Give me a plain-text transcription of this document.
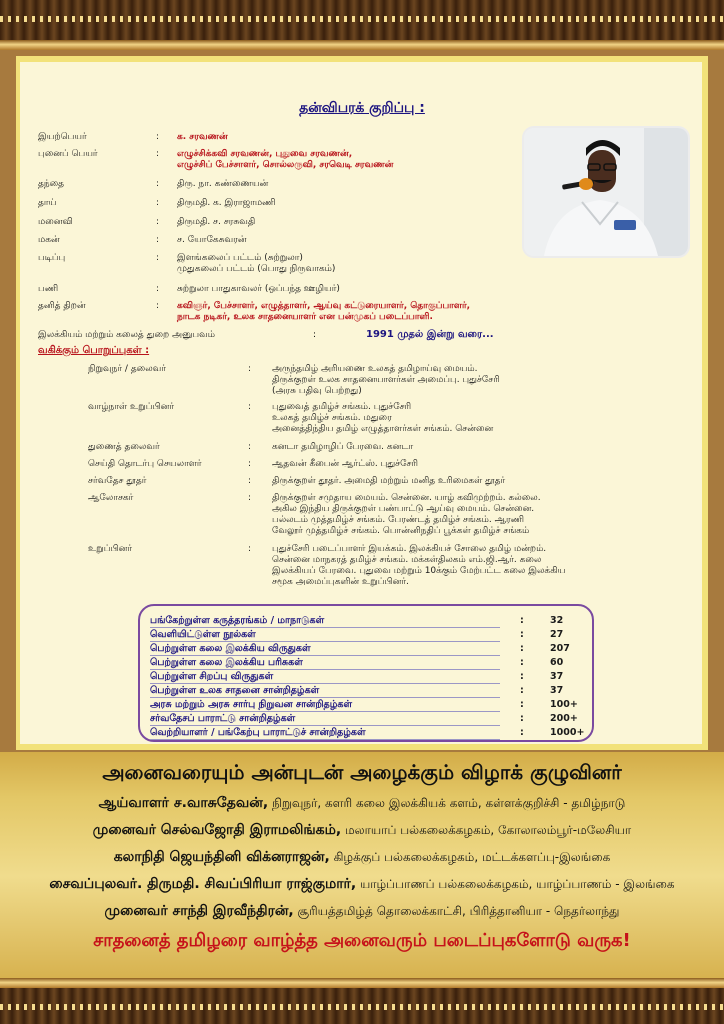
தன்விபரக் குறிப்பு :
இயற்பெயர்	:	க. சரவணன்
புனைப் பெயர்	:	எழுச்சிக்கவி சரவணன், புதுவை சரவணன்,
எழுச்சிப் பேச்சாளர், சொல்லருவி, சரவெடி சரவணன்
தந்தை	:	திரு. நா. கண்ணையன்
தாய்	:	திருமதி. க. இராஜாமணி
மனைவி	:	திருமதி. ச. சரசுவதி
மகன்	:	ச. யோகேசுவரன்
படிப்பு	:	இளங்கலைப் பட்டம் (சுற்றுலா)
முதுகலைப் பட்டம் (பொது நிருவாகம்)
பணி	:	சுற்றுலா பாதுகாவலர் (ஒப்பந்த ஊழியர்)
தனித் திறன்	:	கவிஞர், பேச்சாளர், எழுத்தாளர், ஆய்வு கட்டுரையாளர், தொகுப்பாளர்,
நாடக நடிகர், உலக சாதனையாளர் என பன்முகப் படைப்பாளி.
இலக்கியம் மற்றும் கலைத் துறை அனுபவம்	:	1991 முதல் இன்று வரை...
வகிக்கும் பொறுப்புகள் :
நிறுவுநர் / தலைவர்	:	அருந்தமிழ் அரியணை உலகத் தமிழாய்வு மையம்.
திருக்குறள் உலக சாதனையாளர்கள் அமைப்பு. புதுச்சேரி
(அரசு பதிவு பெற்றது)
வாழ்நாள் உறுப்பினர்	:	புதுவைத் தமிழ்ச் சங்கம். புதுச்சேரி
உலகத் தமிழ்ச் சங்கம். மதுரை
அனைத்திந்திய தமிழ் எழுத்தாளர்கள் சங்கம். சென்னை
துணைத் தலைவர்	:	கனடா தமிழாழிப் பேரவை. கனடா
செய்தி தொடர்பு செயலாளர்	:	ஆதவன் கீபைன் ஆர்ட்ஸ். புதுச்சேரி
சர்வதேச தூதர்	:	திருக்குறள் தூதர். அமைதி மற்றும் மனித உரிமைகள் தூதர்
ஆலோசகர்	:	திருக்குறள் சமுதாய மையம். சென்னை. யாழ் கவிமுற்றம். கல்லை.
அகில இந்திய திருக்குறள் பண்பாட்டு ஆய்வு மையம். சென்னை.
பல்லடம் முத்தமிழ்ச் சங்கம். பேரண்டத் தமிழ்ச் சங்கம். ஆரணி
வேலூர் முத்தமிழ்ச் சங்கம். பொன்னிநதிப் பூக்கள் தமிழ்ச் சங்கம்
உறுப்பினர்	:	புதுச்சேரி படைப்பாளர் இயக்கம். இலக்கியச் சோலை தமிழ் மன்றம்.
சென்னை மாநகரத் தமிழ்ச் சங்கம். மக்கள்திலகம் எம்.ஜி.ஆர். கலை
இலக்கியப் பேரவை. புதுவை மற்றும் 10க்கும் மேற்பட்ட கலை இலக்கிய
சமூக அமைப்புகளின் உறுப்பினர்.
பங்கேற்றுள்ள கருத்தரங்கம் / மாநாடுகள்	:	32
வெளியிட்டுள்ள நூல்கள்	:	27
பெற்றுள்ள கலை இலக்கிய விருதுகள்	:	207
பெற்றுள்ள கலை இலக்கிய பரிசுகள்	:	60
பெற்றுள்ள சிறப்பு விருதுகள்	:	37
பெற்றுள்ள உலக சாதனை சான்றிதழ்கள்	:	37
அரசு மற்றும் அரசு சார்பு நிறுவன சான்றிதழ்கள்	:	100+
சர்வதேசப் பாராட்டு சான்றிதழ்கள்	:	200+
வெற்றியாளர் / பங்கேற்பு பாராட்டுச் சான்றிதழ்கள்	:	1000+
அனைவரையும் அன்புடன் அழைக்கும் விழாக் குழுவினர்
ஆய்வாளர் ச.வாசுதேவன், நிறுவுநர், களரி கலை இலக்கியக் களம், கள்ளக்குறிச்சி - தமிழ்நாடு
முனைவர் செல்வஜோதி இராமலிங்கம், மலாயாப் பல்கலைக்கழகம், கோலாலம்பூர்-மலேசியா
கலாநிதி ஜெயந்தினி விக்னராஜன், கிழக்குப் பல்கலைக்கழகம், மட்டக்களப்பு-இலங்கை
சைவப்புலவர். திருமதி. சிவப்பிரியா ராஜ்குமார், யாழ்ப்பாணப் பல்கலைக்கழகம், யாழ்ப்பாணம் - இலங்கை
முனைவர் சாந்தி இரவீந்திரன், சூரியத்தமிழ்த் தொலைக்காட்சி, பிரித்தானியா - நெதர்லாந்து
சாதனைத் தமிழரை வாழ்த்த அனைவரும் படைப்புகளோடு வருக!
